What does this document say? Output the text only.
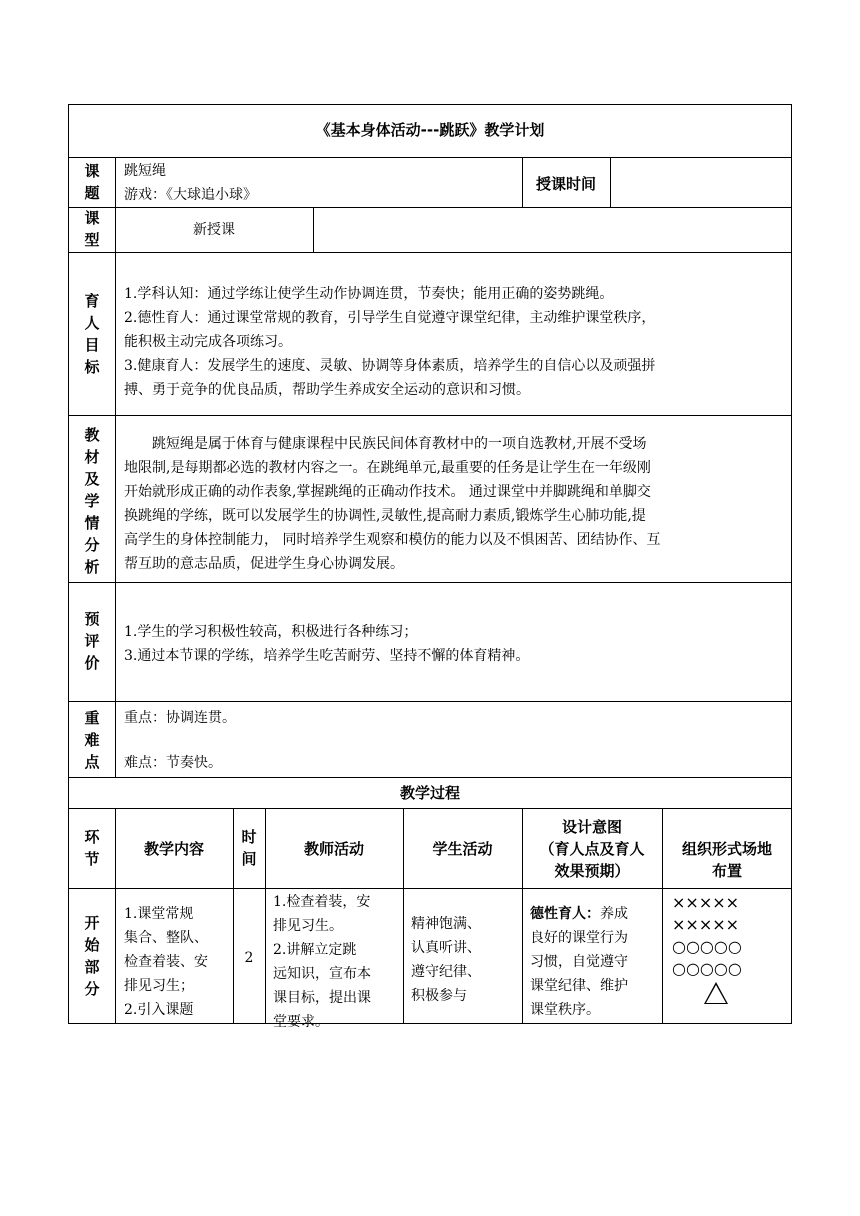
《基本身体活动---跳跃》教学计划
课
题
跳短绳
游戏：《大球追小球》
授课时间
课
型
新授课
育
人
目
标
1.学科认知：通过学练让使学生动作协调连贯，节奏快；能用正确的姿势跳绳。
2.德性育人：通过课堂常规的教育，引导学生自觉遵守课堂纪律，主动维护课堂秩序，
能积极主动完成各项练习。
3.健康育人：发展学生的速度、灵敏、协调等身体素质，培养学生的自信心以及顽强拼
搏、勇于竞争的优良品质，帮助学生养成安全运动的意识和习惯。
教
材
及
学
情
分
析
　　跳短绳是属于体育与健康课程中民族民间体育教材中的一项自选教材,开展不受场
地限制,是每期都必选的教材内容之一。在跳绳单元,最重要的任务是让学生在一年级刚
开始就形成正确的动作表象,掌握跳绳的正确动作技术。 通过课堂中并脚跳绳和单脚交
换跳绳的学练，既可以发展学生的协调性,灵敏性,提高耐力素质,锻炼学生心肺功能,提
高学生的身体控制能力， 同时培养学生观察和模仿的能力以及不惧困苦、团结协作、互
帮互助的意志品质，促进学生身心协调发展。
预
评
价
1.学生的学习积极性较高，积极进行各种练习；
3.通过本节课的学练，培养学生吃苦耐劳、坚持不懈的体育精神。
重
难
点
重点：协调连贯。
难点：节奏快。
教学过程
环
节
教学内容
时
间
教师活动	学生活动
设计意图
（育人点及育人
效果预期）
组织形式场地
布置
开
始
部
分
1.课堂常规
集合、整队、
检查着装、安
排见习生；
2.引入课题
2
1.检查着装，安
排见习生。
2.讲解立定跳
远知识，宣布本
课目标，提出课
堂要求。
精神饱满、
认真听讲、
遵守纪律、
积极参与
德性育人：养成
良好的课堂行为
习惯，自觉遵守
课堂纪律、维护
课堂秩序。
×××××
×××××
○○○○○
○○○○○
